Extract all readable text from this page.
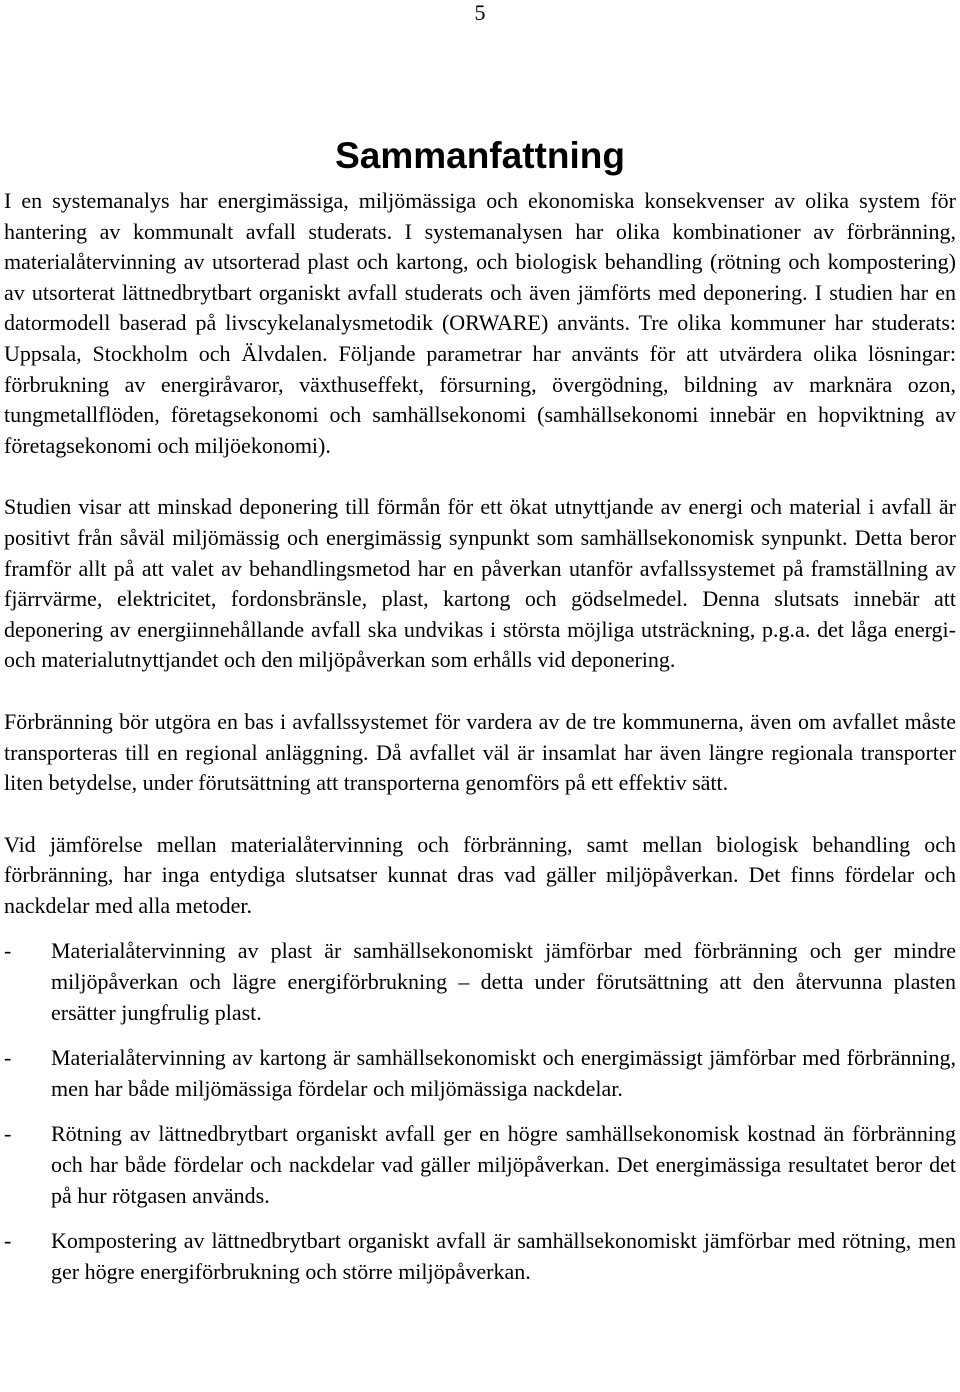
5
Sammanfattning

I en systemanalys har energimässiga, miljömässiga och ekonomiska konsekvenser av olika system för hantering av kommunalt avfall studerats. I systemanalysen har olika kombinationer av förbränning, materialåtervinning av utsorterad plast och kartong, och biologisk behandling (rötning och kompostering) av utsorterat lättnedbrytbart organiskt avfall studerats och även jämförts med deponering. I studien har en datormodell baserad på livscykelanalysmetodik (ORWARE) använts. Tre olika kommuner har studerats: Uppsala, Stockholm och Älvdalen. Följande parametrar har använts för att utvärdera olika lösningar: förbrukning av energiråvaror, växthuseffekt, försurning, övergödning, bildning av marknära ozon, tungmetallflöden, företagsekonomi och samhällsekonomi (samhällsekonomi innebär en hopviktning av företagsekonomi och miljöekonomi).

Studien visar att minskad deponering till förmån för ett ökat utnyttjande av energi och material i avfall är positivt från såväl miljömässig och energimässig synpunkt som samhällsekonomisk synpunkt. Detta beror framför allt på att valet av behandlingsmetod har en påverkan utanför avfallssystemet på framställning av fjärrvärme, elektricitet, fordonsbränsle, plast, kartong och gödselmedel. Denna slutsats innebär att deponering av energiinnehållande avfall ska undvikas i största möjliga utsträckning, p.g.a. det låga energi- och materialutnyttjandet och den miljöpåverkan som erhålls vid deponering.

Förbränning bör utgöra en bas i avfallssystemet för vardera av de tre kommunerna, även om avfallet måste transporteras till en regional anläggning. Då avfallet väl är insamlat har även längre regionala transporter liten betydelse, under förutsättning att transporterna genomförs på ett effektiv sätt.

Vid jämförelse mellan materialåtervinning och förbränning, samt mellan biologisk behandling och förbränning, har inga entydiga slutsatser kunnat dras vad gäller miljöpåverkan. Det finns fördelar och nackdelar med alla metoder.

- Materialåtervinning av plast är samhällsekonomiskt jämförbar med förbränning och ger mindre miljöpåverkan och lägre energiförbrukning – detta under förutsättning att den återvunna plasten ersätter jungfrulig plast.
- Materialåtervinning av kartong är samhällsekonomiskt och energimässigt jämförbar med förbränning, men har både miljömässiga fördelar och miljömässiga nackdelar.
- Rötning av lättnedbrytbart organiskt avfall ger en högre samhällsekonomisk kostnad än förbränning och har både fördelar och nackdelar vad gäller miljöpåverkan. Det energimässiga resultatet beror det på hur rötgasen används.
- Kompostering av lättnedbrytbart organiskt avfall är samhällsekonomiskt jämförbar med rötning, men ger högre energiförbrukning och större miljöpåverkan.
